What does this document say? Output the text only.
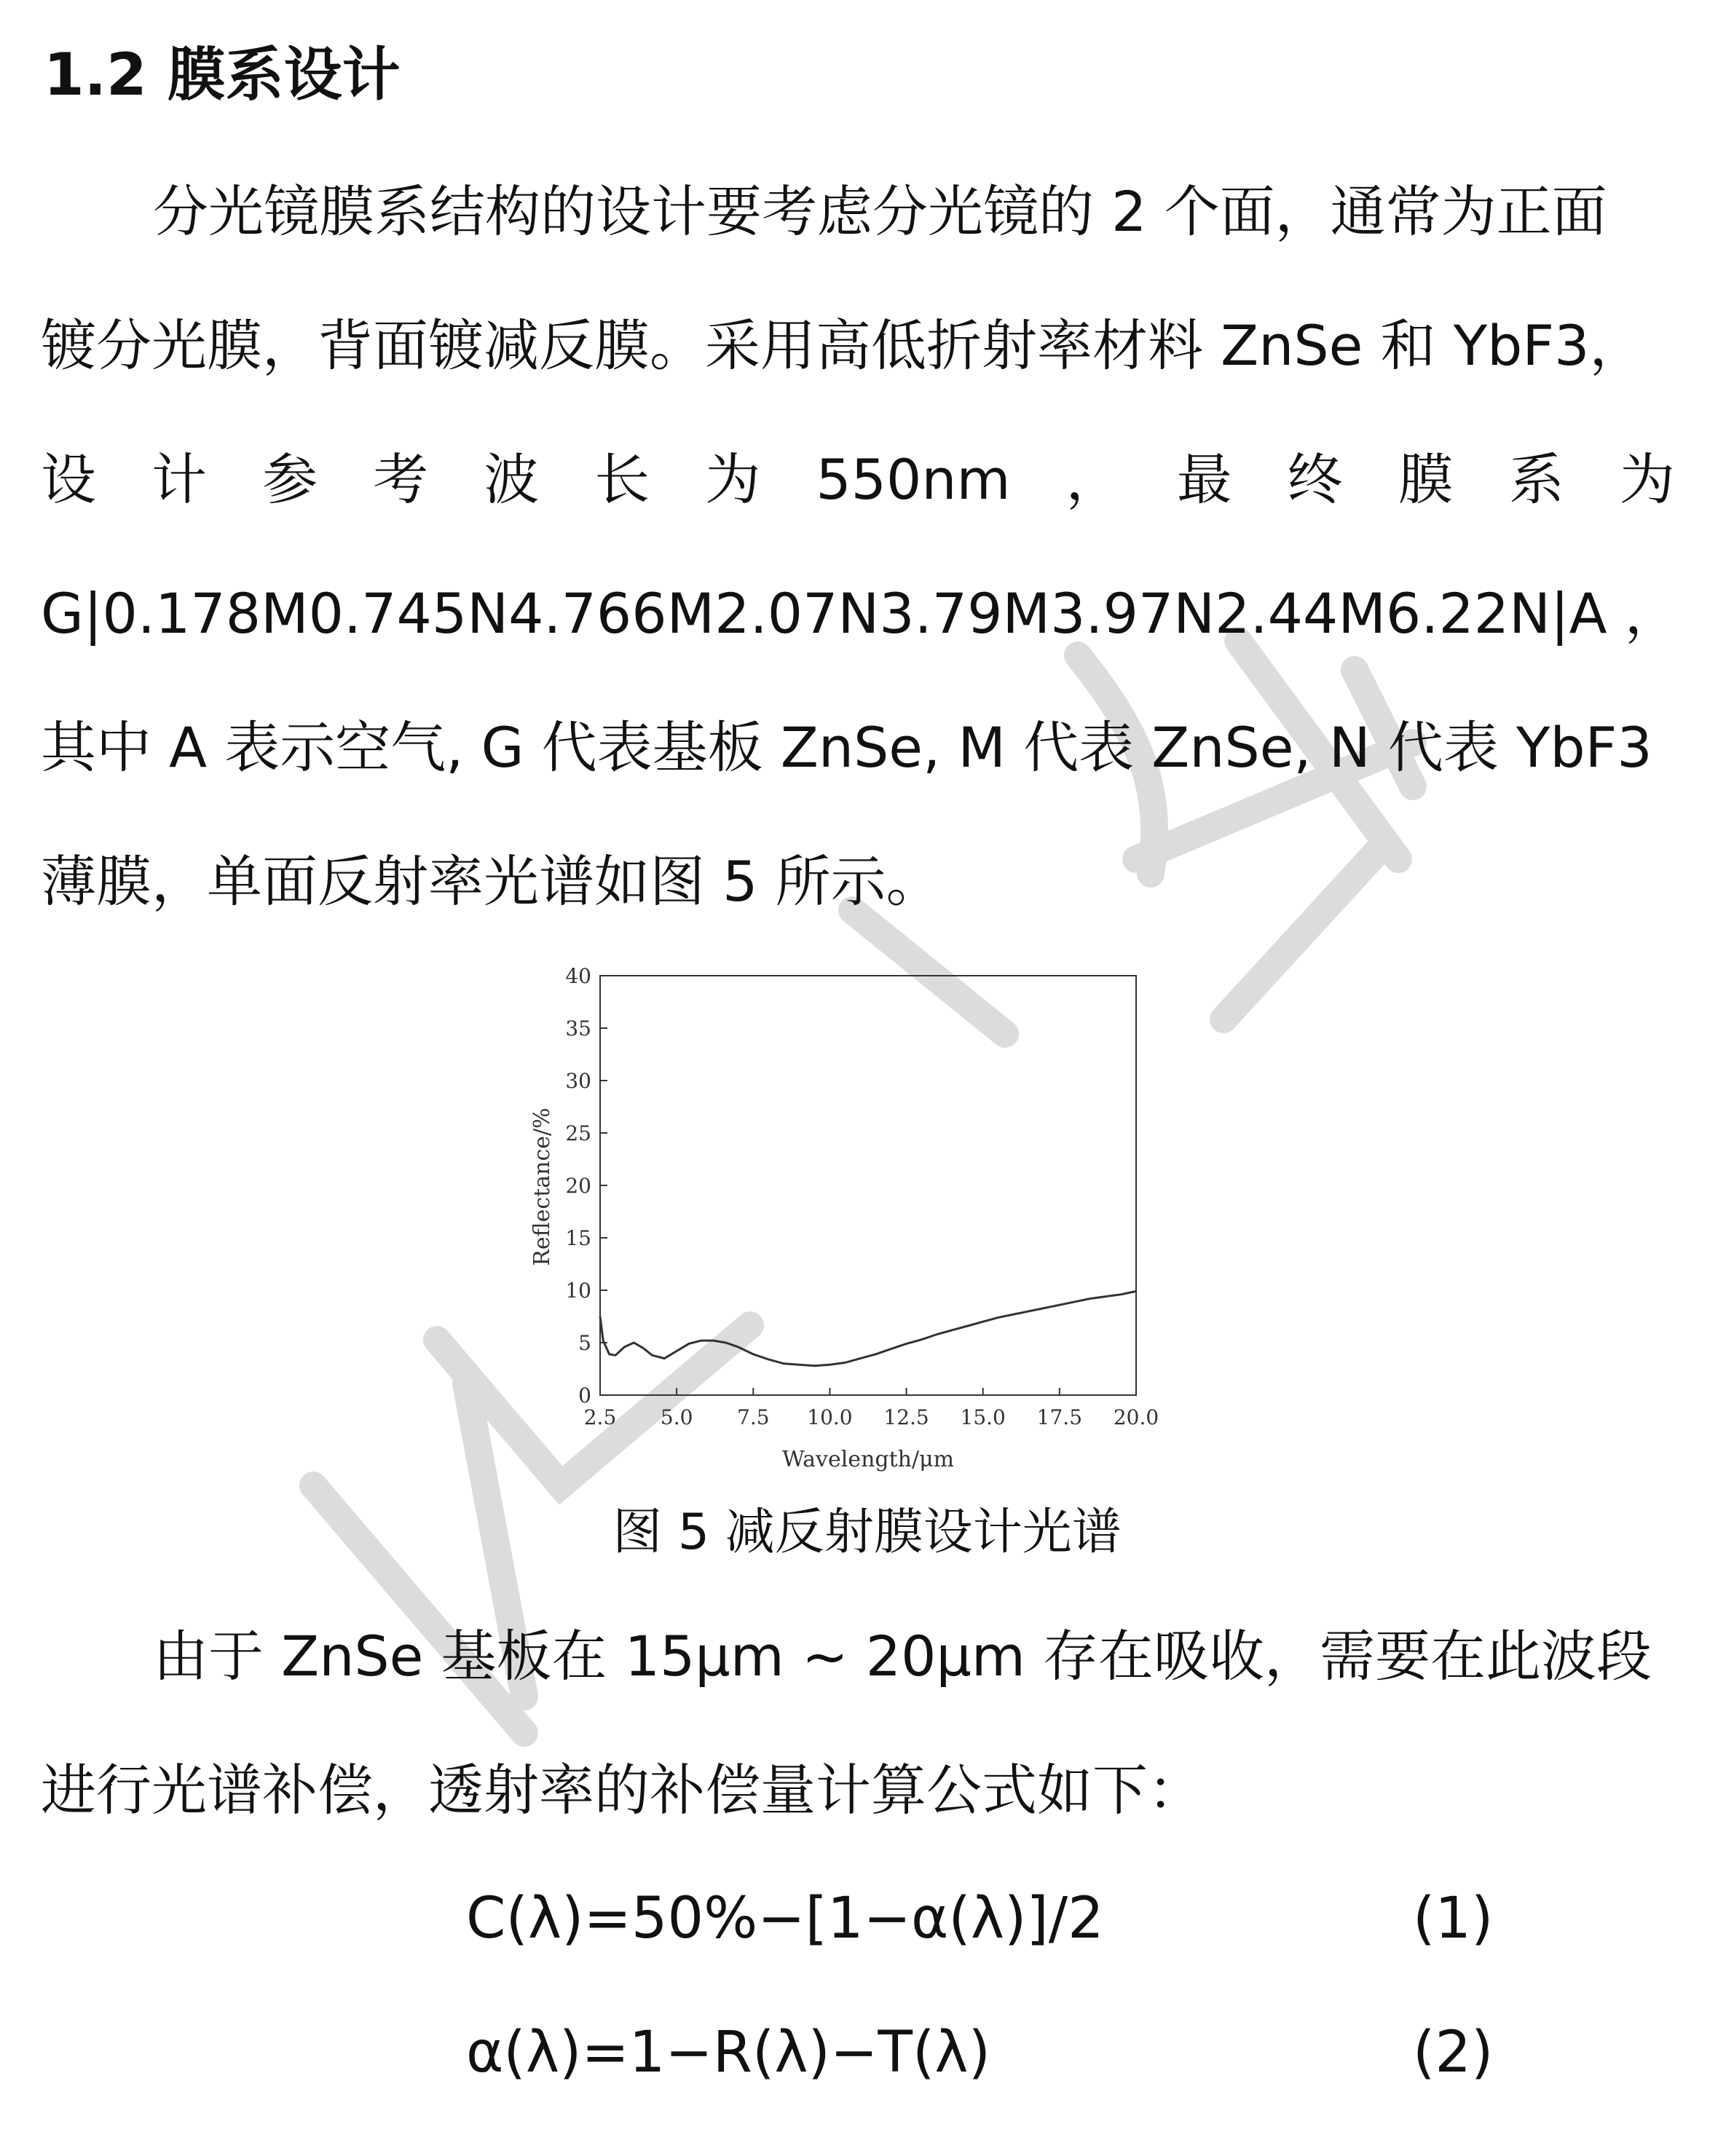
1.2 膜系设计
分光镜膜系结构的设计要考虑分光镜的 2 个面，通常为正面
镀分光膜，背面镀减反膜。采用高低折射率材料 ZnSe 和 YbF3，
设 计 参 考 波 长 为 550nm ， 最 终 膜 系 为
G|0.178M0.745N4.766M2.07N3.79M3.97N2.44M6.22N|A ，
其中 A 表示空气, G 代表基板 ZnSe, M 代表 ZnSe, N 代表 YbF3
薄膜，单面反射率光谱如图 5 所示。
0
5
10
15
20
25
30
35
40
2.5 5.0 7.5 10.0 12.5 15.0 17.5 20.0
Wavelength/μm
Reflectance/%
图 5 减反射膜设计光谱
由于 ZnSe 基板在 15μm ~ 20μm 存在吸收，需要在此波段
进行光谱补偿，透射率的补偿量计算公式如下：
C(λ)=50%−[1−α(λ)]/2	(1)
α(λ)=1−R(λ)−T(λ)	(2)
